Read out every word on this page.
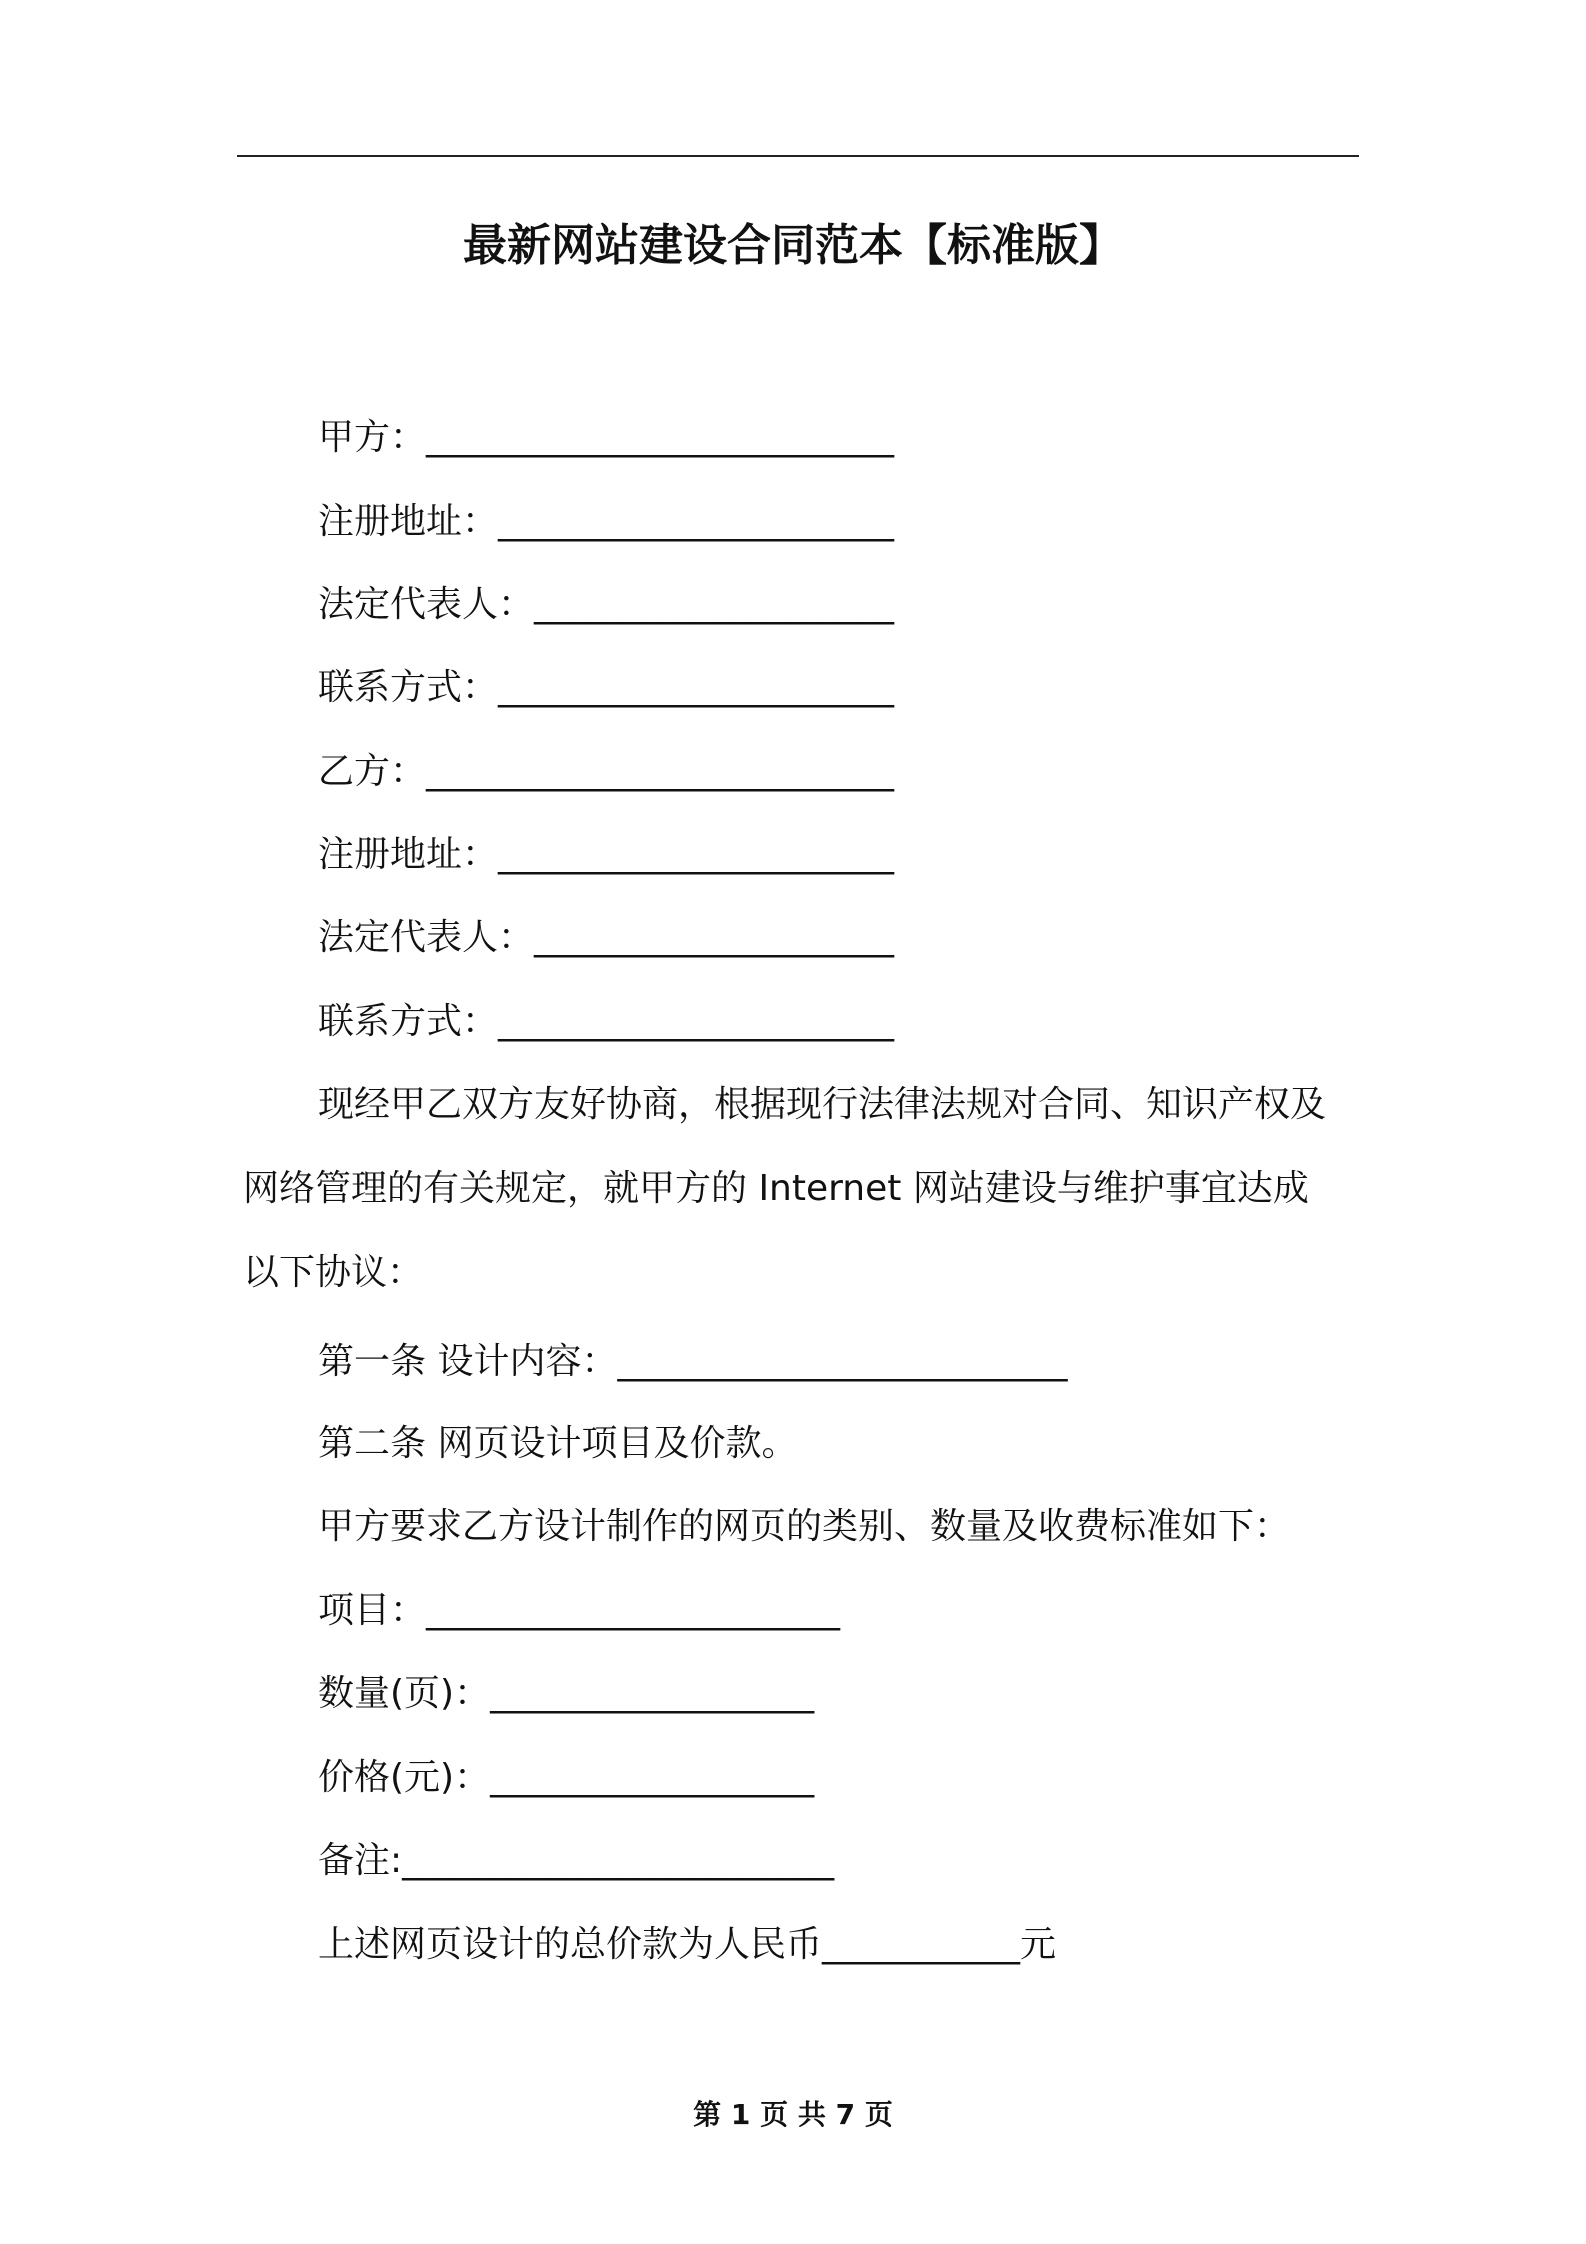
最新网站建设合同范本【标准版】
甲方：__________________________
注册地址：______________________
法定代表人：____________________
联系方式：______________________
乙方：__________________________
注册地址：______________________
法定代表人：____________________
联系方式：______________________
现经甲乙双方友好协商，根据现行法律法规对合同、知识产权及
网络管理的有关规定，就甲方的 Internet 网站建设与维护事宜达成
以下协议：
第一条 设计内容：_________________________
第二条 网页设计项目及价款。
甲方要求乙方设计制作的网页的类别、数量及收费标准如下：
项目：_______________________
数量(页)：__________________
价格(元)：__________________
备注:________________________
上述网页设计的总价款为人民币___________元
第 1 页 共 7 页
